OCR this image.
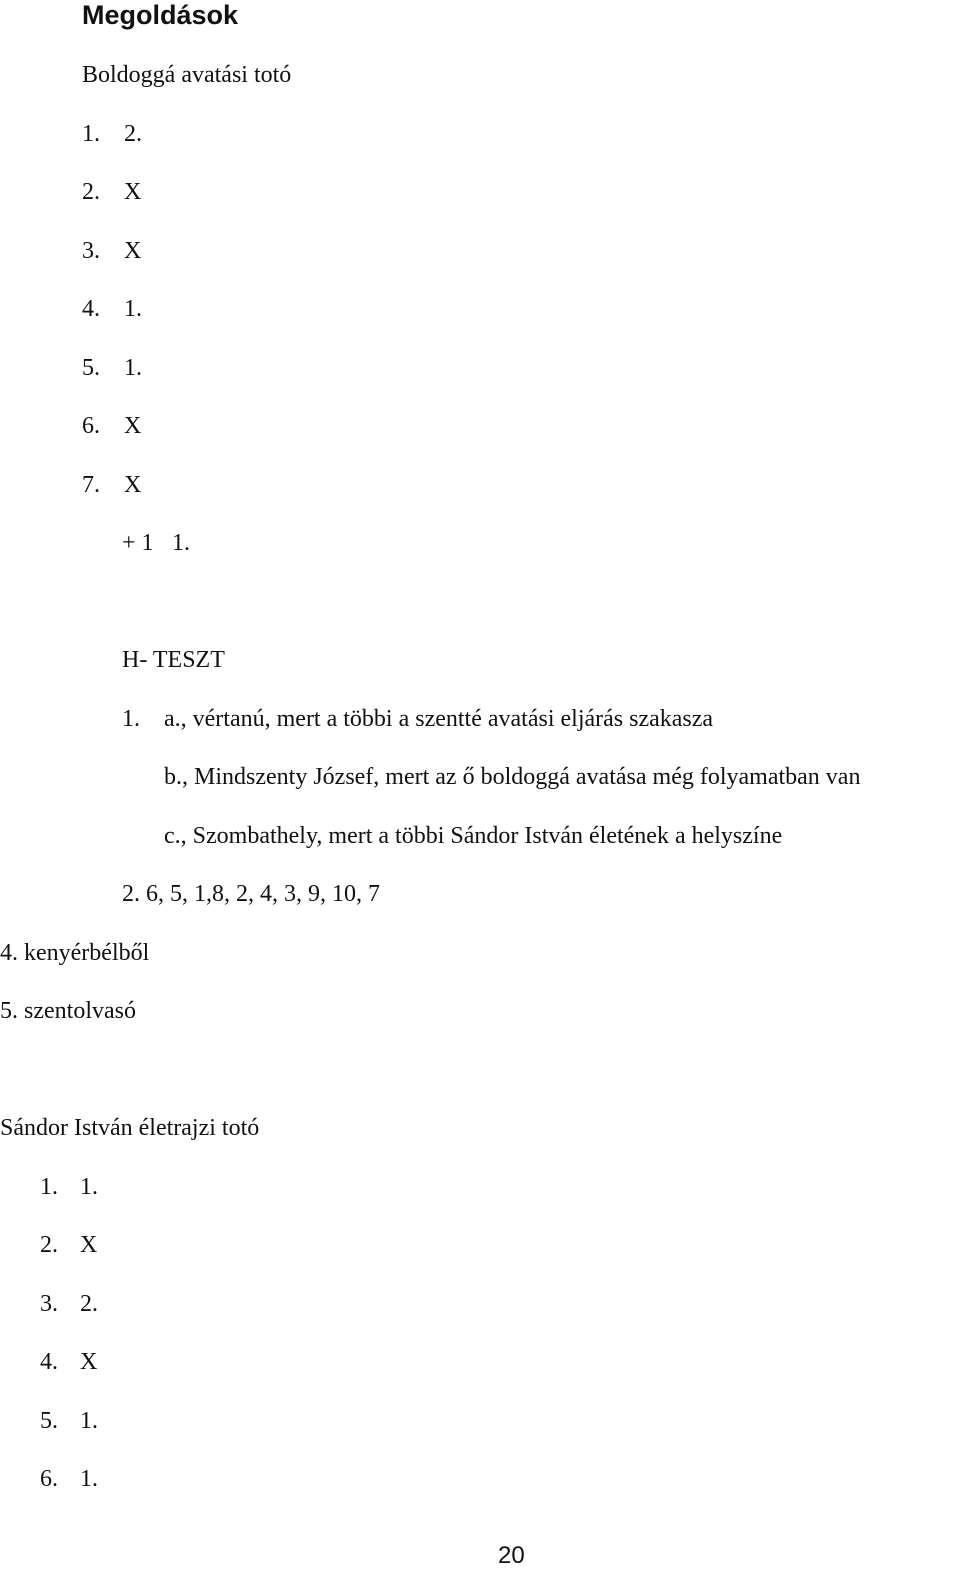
Megoldások
Boldoggá avatási totó
1. 2.
2. X
3. X
4. 1.
5. 1.
6. X
7. X
+ 1 1.
H- TESZT
1. a., vértanú, mert a többi a szentté avatási eljárás szakasza
b., Mindszenty József, mert az ő boldoggá avatása még folyamatban van
c., Szombathely, mert a többi Sándor István életének a helyszíne
2. 6, 5, 1,8, 2, 4, 3, 9, 10, 7
4. kenyérbélből
5. szentolvasó
Sándor István életrajzi totó
1. 1.
2. X
3. 2.
4. X
5. 1.
6. 1.
20
